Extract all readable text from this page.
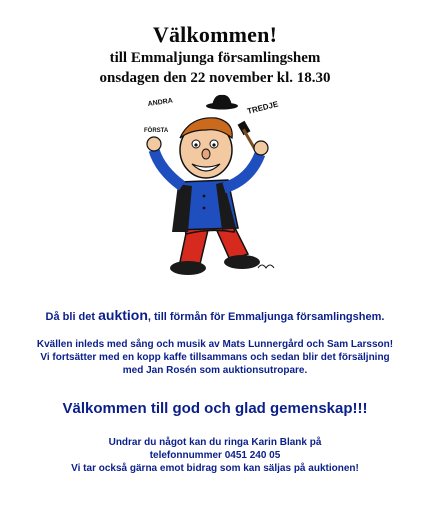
Välkommen!
till Emmaljunga församlingshem
onsdagen den 22 november kl. 18.30
ANDRA
FÖRSTA
TREDJE
Då bli det auktion, till förmån för Emmaljunga församlingshem.
Kvällen inleds med sång och musik av Mats Lunnergård och Sam Larsson!
Vi fortsätter med en kopp kaffe tillsammans och sedan blir det försäljning
med Jan Rosén som auktionsutropare.
Välkommen till god och glad gemenskap!!!
Undrar du något kan du ringa Karin Blank på
telefonnummer 0451 240 05
Vi tar också gärna emot bidrag som kan säljas på auktionen!
